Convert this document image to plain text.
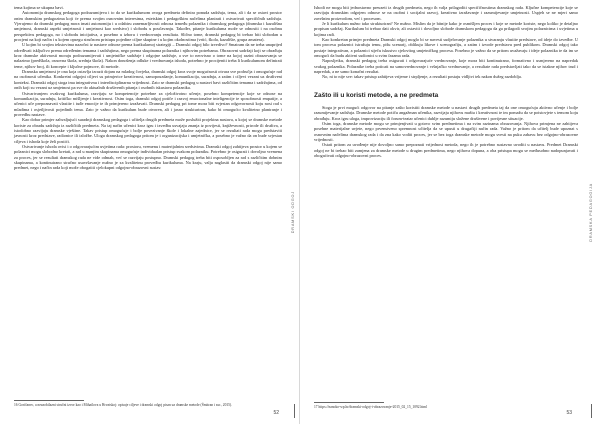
tema kojima se ukupna bavi.

Autonomija dramskog pedagoga podrazumijeva i to da se kurikulumom ovoga predmeta definira ponuda sadržaja, tema, ali i da se ostavi prostor onim dramskim pedagozima koji će prema svojim osnovnim interesima, estetskim i pedagoškim načelima planirati i ostvarivati specifičnih sadržaja. Vjerujemo da dramski pedagog mora imati autonomiju i u odabiru zanemarljivosti odnosa između polaznika i dramskog pedagoga (dramska i kazališna umjetnost, dramski aspekt umjetnosti i umjetnost kao sredstvo) i slobodu u poučavanju. Također, pitanje kurikuluma može se odnositi i na osobnu perspektivu pedagoga, no i slobodu inicijativa, a posebno u izboru i vrednovanju rezultata. Slično tome, dramski pedagog bi trebao biti slobodan u procjeni na koji način i u kojem opsegu stručnom pristupu pojedine ciljne skupine i u kojim okolnostima (vrtić, škola, kazalište, grupa amatera).

U kojim bi svojim tekstovima nazočni iz nastave odnose prema kurikularnoj strategiji – Dramski odgoj bilo izvedivo? Smatram da ne treba unaprijed određivati isključivo prema određenim temama i sadržajima, nego prema skupinama polaznika i njihovim potrebama. Obrazovni sadržaji koji se obrađuju kroz dramske aktivnosti moraju podrazumijevati i umjetničke sadržaje i odgojne sadržaje, a sve to neovisno o tome na kojoj razini obrazovanja se nalazimo (predškola, osnovna škola, srednja škola). Nakon donošenja odluke i vrednovanja ishoda, potrebno je procijeniti treba li kurikulumom definirati teme, njihov broj, ili koncepte i ključne pojmove, ili metode.

Dramska umjetnost je ona koja ostavlja izrazit dojam na mladog čovjeka, dramski odgoj kroz svoje mogućnosti otvara sve područja i omogućuje rad na osobnosti učenika. Konkretni odgojni ciljevi su primjerice kreativnost, samopouzdanje, komunikacija, suradnja, a zatim i ciljevi vezani uz društveni kontekst. Dramski odgoj stoga ima integrativnu i interdisciplinarnu vrijednost. Zato se dramski pedagog u nastavi bavi različitim temama i sadržajima, od onih koji su vezani uz umjetnost pa sve do aktualnih društvenih pitanja i osobnih iskustava polaznika.

Ostvarivanjem ovakvog kurikuluma, razvijaju se kompetencije potrebne za cjeloživotno učenje, posebno kompetencije koje se odnose na komunikaciju, suradnju, kritičko mišljenje i kreativnost. Osim toga, dramski odgoj potiče i razvoj emocionalne inteligencije te sposobnosti empatije, a učenici uče prepoznavati vlastite i tuđe emocije te ih primjereno izražavati. Dramski pedagog pri tome mora biti svjestan odgovornosti koju nosi rad s mladima i osjetljivosti pojedinih tema. Zato je važno da kurikulum bude otvoren, ali i jasno strukturiran, kako bi omogućio kvalitetno planiranje i provedbu nastave.

Kao dobar primjer zahvaljujući suradnji dramskog pedagoga i učitelja drugih predmeta može poslužiti projektna nastava, u kojoj se dramske metode koriste za obradu sadržaja iz različitih predmeta. Na taj način učenici kroz igru i izvedbu usvajaju znanja iz povijesti, književnosti, prirode ili društva, a istodobno razvijaju dramske vještine. Takav pristup omogućuje i bolje povezivanje škole i lokalne zajednice, jer se rezultati rada mogu predstaviti javnosti kroz predstave, radionice ili izložbe. Uloga dramskog pedagoga pritom je i organizacijska i umjetnička, a posebno je važno da on bude svjestan ciljeva i ishoda koje želi postići.

Ostvarivanje ishoda ovisi i o odgovarajućim uvjetima rada: prostoru, vremenu i materijalnim sredstvima. Dramski odgoj zahtijeva prostor u kojem se polaznici mogu slobodno kretati, a rad u manjim skupinama omogućuje individualan pristup svakom polazniku. Potrebno je osigurati i dovoljno vremena za proces, jer se rezultati dramskog rada ne vide odmah, već se razvijaju postupno. Dramski pedagog treba biti osposobljen za rad s različitim dobnim skupinama, a kontinuirano stručno usavršavanje nužno je za kvalitetnu provedbu kurikuluma. Na kraju, valja naglasiti da dramski odgoj nije samo predmet, nego i način rada koji može obogatiti cjelokupni odgojno-obrazovni sustav.

16 Goričanec, a nezaobilazni stručni izvor kao i Mihailova u Hrvatskoj: opisuje ciljeve i dramski odgoj pisan uz dramske metode (Šmitran i sur., 2015).
52
DRAMSKI ODGOJ

Ishodi ne mogu biti jednostavno preuzeti iz drugih predmeta, nego ih valja prilagoditi specifičnostima dramskog rada. Ključne kompetencije koje se razvijaju dramskim odgojem odnose se na osobni i socijalni razvoj, kreativno izražavanje i razumijevanje umjetnosti. Uspjeh se ne mjeri samo završnim proizvodom, već i procesom.

Je li kurikulum nužno tako strukturiran? Ne nužno. Mislim da je bitnije kako je osmišljen proces i koje se metode koriste, nego koliko je detaljno propisan sadržaj. Kurikulum bi trebao dati okvir, ali ostaviti i dovoljno slobode dramskom pedagogu da ga prilagodi svojim polaznicima i uvjetima u kojima radi.

Kao konkretan primjer predmeta Dramski odgoj moglo bi se navesti sudjelovanje polaznika u stvaranju vlastite predstave, od ideje do izvedbe. U tom procesu polaznici istražuju temu, pišu scenarij, oblikuju likove i scenografiju, a zatim i izvode predstavu pred publikom. Dramski odgoj tako postaje integrativan, a polaznici stječu iskustvo cjelovitog umjetničkog procesa. Posebno je važno da se pritom uvažavaju i ideje polaznika te da im se omogući da budu aktivni sudionici u svim fazama rada.

Naposljetku, dramski pedagog treba osigurati i odgovarajuće vrednovanje, koje mora biti kontinuirano, formativno i usmjereno na napredak svakog polaznika. Polaznike treba poticati na samovrednovanje i vršnjačko vrednovanje, a rezultate rada predstavljati tako da se istakne njihov trud i napredak, a ne samo konačni rezultat.

No, ni to nije sve: takav pristup zahtijeva vrijeme i strpljenje, a rezultati postaju vidljivi tek nakon dužeg razdoblja.

Zašto ili u koristi metode, a ne predmeta

Stoga je prvi mogući odgovor na pitanje zašto koristiti dramske metode u nastavi drugih predmeta taj da one omogućuju aktivno učenje i bolje razumijevanje sadržaja. Dramske metode potiču angažman učenika, razvijaju njihovu maštu i kreativnost te im pomažu da se poistovjete s temom koju obrađuju. Kroz igru uloga, improvizaciju ili forum-teatar učenici dublje razumiju složene društvene i povijesne situacije.

Osim toga, dramske metode mogu se primjenjivati u gotovo svim predmetima i na svim razinama obrazovanja. Njihova primjena ne zahtijeva posebne materijalne uvjete, nego prvenstveno spremnost učitelja da se upusti u drugačiji način rada. Važno je pritom da učitelj bude upoznat s osnovnim načelima dramskog rada i da zna kako voditi proces, jer se bez toga dramske metode mogu svesti na puku zabavu bez odgojno-obrazovne vrijednosti.

Ostati pritom za uvođenje nije dovoljno samo prepoznati vrijednost metoda, nego ih je potrebno sustavno uvoditi u nastavu. Predmet Dramski odgoj ne bi trebao biti zamjena za dramske metode u drugim predmetima, nego njihova dopuna, a oba pristupa mogu se međusobno nadopunjavati i obogaćivati odgojno-obrazovni proces.

17 https://nanoko-wp.hr/dramski-odgoj-i-obrazovanje-2015_02_15_1092.html
53
DRAMSKA PEDAGOGIJA
